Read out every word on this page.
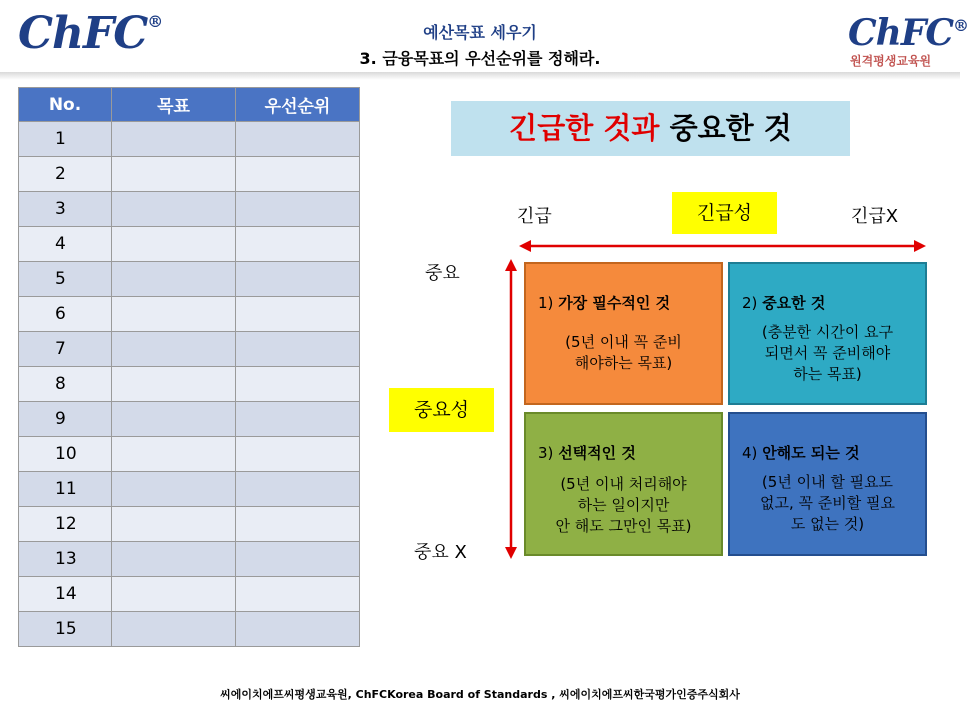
ChFC®	ChFC®
원격평생교육원
예산목표 세우기
3. 금융목표의 우선순위를 정해라.
No.	목표	우선순위
1		
2		
3		
4		
5		
6		
7		
8		
9		
10		
11		
12		
13		
14		
15		
긴급한 것과 중요한 것
긴급	긴급성	긴급X
중요
중요성
중요 X
1) 가장 필수적인 것
(5년 이내 꼭 준비
해야하는 목표)
2) 중요한 것
(충분한 시간이 요구
되면서 꼭 준비해야
하는 목표)
3) 선택적인 것
(5년 이내 처리해야
하는 일이지만
안 해도 그만인 목표)
4) 안해도 되는 것
(5년 이내 할 필요도
없고, 꼭 준비할 필요
도 없는 것)
씨에이치에프씨평생교육원, ChFCKorea Board of Standards , 씨에이치에프씨한국평가인증주식회사
